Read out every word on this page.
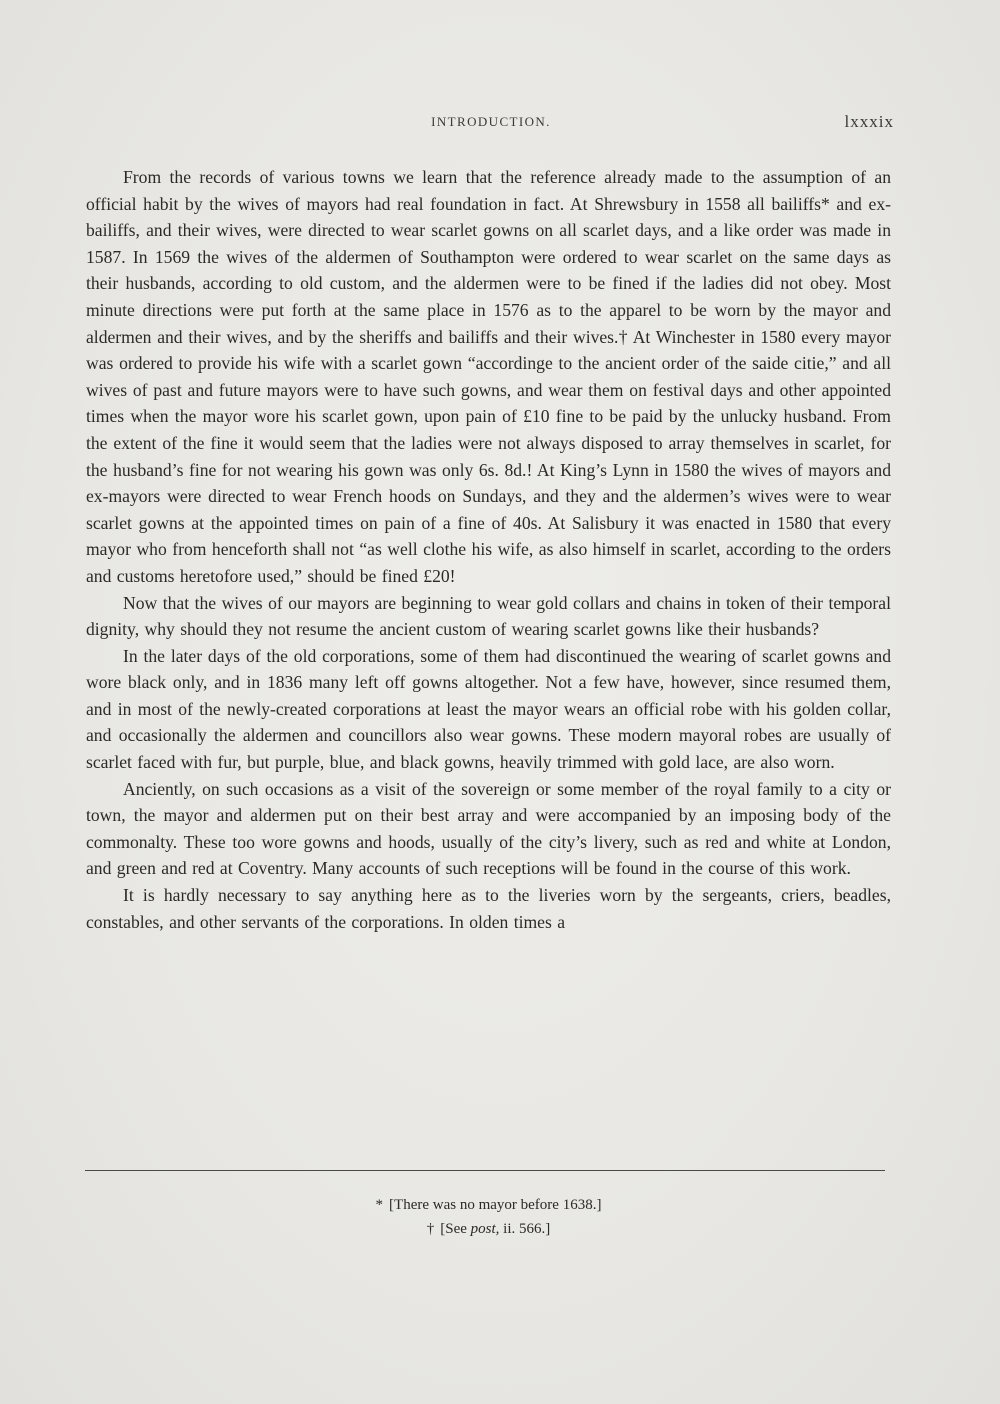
INTRODUCTION.	lxxxix

From the records of various towns we learn that the reference already made to the assumption of an official habit by the wives of mayors had real foundation in fact. At Shrewsbury in 1558 all bailiffs* and ex-bailiffs, and their wives, were directed to wear scarlet gowns on all scarlet days, and a like order was made in 1587. In 1569 the wives of the aldermen of Southampton were ordered to wear scarlet on the same days as their husbands, according to old custom, and the aldermen were to be fined if the ladies did not obey. Most minute directions were put forth at the same place in 1576 as to the apparel to be worn by the mayor and aldermen and their wives, and by the sheriffs and bailiffs and their wives.† At Winchester in 1580 every mayor was ordered to provide his wife with a scarlet gown “accordinge to the ancient order of the saide citie,” and all wives of past and future mayors were to have such gowns, and wear them on festival days and other appointed times when the mayor wore his scarlet gown, upon pain of £10 fine to be paid by the unlucky husband. From the extent of the fine it would seem that the ladies were not always disposed to array themselves in scarlet, for the husband’s fine for not wearing his gown was only 6s. 8d.! At King’s Lynn in 1580 the wives of mayors and ex-mayors were directed to wear French hoods on Sundays, and they and the aldermen’s wives were to wear scarlet gowns at the appointed times on pain of a fine of 40s. At Salisbury it was enacted in 1580 that every mayor who from henceforth shall not “as well clothe his wife, as also himself in scarlet, according to the orders and customs heretofore used,” should be fined £20!

Now that the wives of our mayors are beginning to wear gold collars and chains in token of their temporal dignity, why should they not resume the ancient custom of wearing scarlet gowns like their husbands?

In the later days of the old corporations, some of them had discontinued the wearing of scarlet gowns and wore black only, and in 1836 many left off gowns altogether. Not a few have, however, since resumed them, and in most of the newly-created corporations at least the mayor wears an official robe with his golden collar, and occasionally the aldermen and councillors also wear gowns. These modern mayoral robes are usually of scarlet faced with fur, but purple, blue, and black gowns, heavily trimmed with gold lace, are also worn.

Anciently, on such occasions as a visit of the sovereign or some member of the royal family to a city or town, the mayor and aldermen put on their best array and were accompanied by an imposing body of the commonalty. These too wore gowns and hoods, usually of the city’s livery, such as red and white at London, and green and red at Coventry. Many accounts of such receptions will be found in the course of this work.

It is hardly necessary to say anything here as to the liveries worn by the sergeants, criers, beadles, constables, and other servants of the corporations. In olden times a

* [There was no mayor before 1638.]
† [See post, ii. 566.]
